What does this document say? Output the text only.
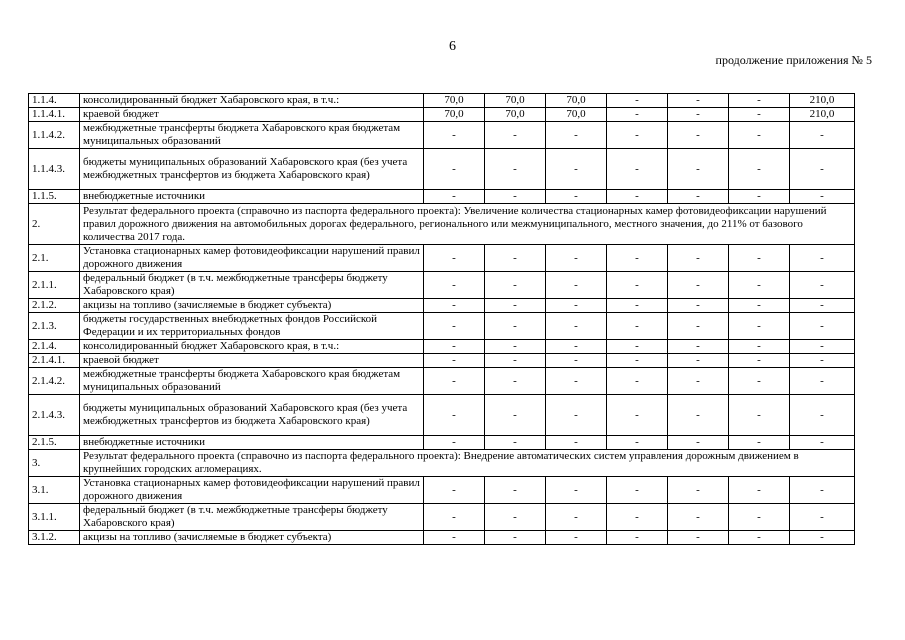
6
продолжение приложения № 5
1.1.4.	консолидированный бюджет Хабаровского края, в т.ч.:	70,0	70,0	70,0	-	-	-	210,0
1.1.4.1.	краевой бюджет	70,0	70,0	70,0	-	-	-	210,0
1.1.4.2.	межбюджетные трансферты бюджета Хабаровского края бюджетам муниципальных образований	-	-	-	-	-	-	-
1.1.4.3.	бюджеты муниципальных образований Хабаровского края (без учета межбюджетных трансфертов из бюджета Хабаровского края)	-	-	-	-	-	-	-
1.1.5.	внебюджетные источники	-	-	-	-	-	-	-
2.	Результат федерального проекта (справочно из паспорта федерального проекта): Увеличение количества стационарных камер фотовидеофиксации нарушений правил дорожного движения на автомобильных дорогах федерального, регионального или межмуниципального, местного значения, до 211% от базового количества 2017 года.							
2.1.	Установка стационарных камер фотовидеофиксации нарушений правил дорожного движения	-	-	-	-	-	-	-
2.1.1.	федеральный бюджет (в т.ч. межбюджетные трансферы бюджету Хабаровского края)	-	-	-	-	-	-	-
2.1.2.	акцизы на топливо (зачисляемые в бюджет субъекта)	-	-	-	-	-	-	-
2.1.3.	бюджеты государственных внебюджетных фондов Российской Федерации и их территориальных фондов	-	-	-	-	-	-	-
2.1.4.	консолидированный бюджет Хабаровского края, в т.ч.:	-	-	-	-	-	-	-
2.1.4.1.	краевой бюджет	-	-	-	-	-	-	-
2.1.4.2.	межбюджетные трансферты бюджета Хабаровского края бюджетам муниципальных образований	-	-	-	-	-	-	-
2.1.4.3.	бюджеты муниципальных образований Хабаровского края (без учета межбюджетных трансфертов из бюджета Хабаровского края)	-	-	-	-	-	-	-
2.1.5.	внебюджетные источники	-	-	-	-	-	-	-
3.	Результат федерального проекта (справочно из паспорта федерального проекта): Внедрение автоматических систем управления дорожным движением в крупнейших городских агломерациях.							
3.1.	Установка стационарных камер фотовидеофиксации нарушений правил дорожного движения	-	-	-	-	-	-	-
3.1.1.	федеральный бюджет (в т.ч. межбюджетные трансферы бюджету Хабаровского края)	-	-	-	-	-	-	-
3.1.2.	акцизы на топливо (зачисляемые в бюджет субъекта)	-	-	-	-	-	-	-
